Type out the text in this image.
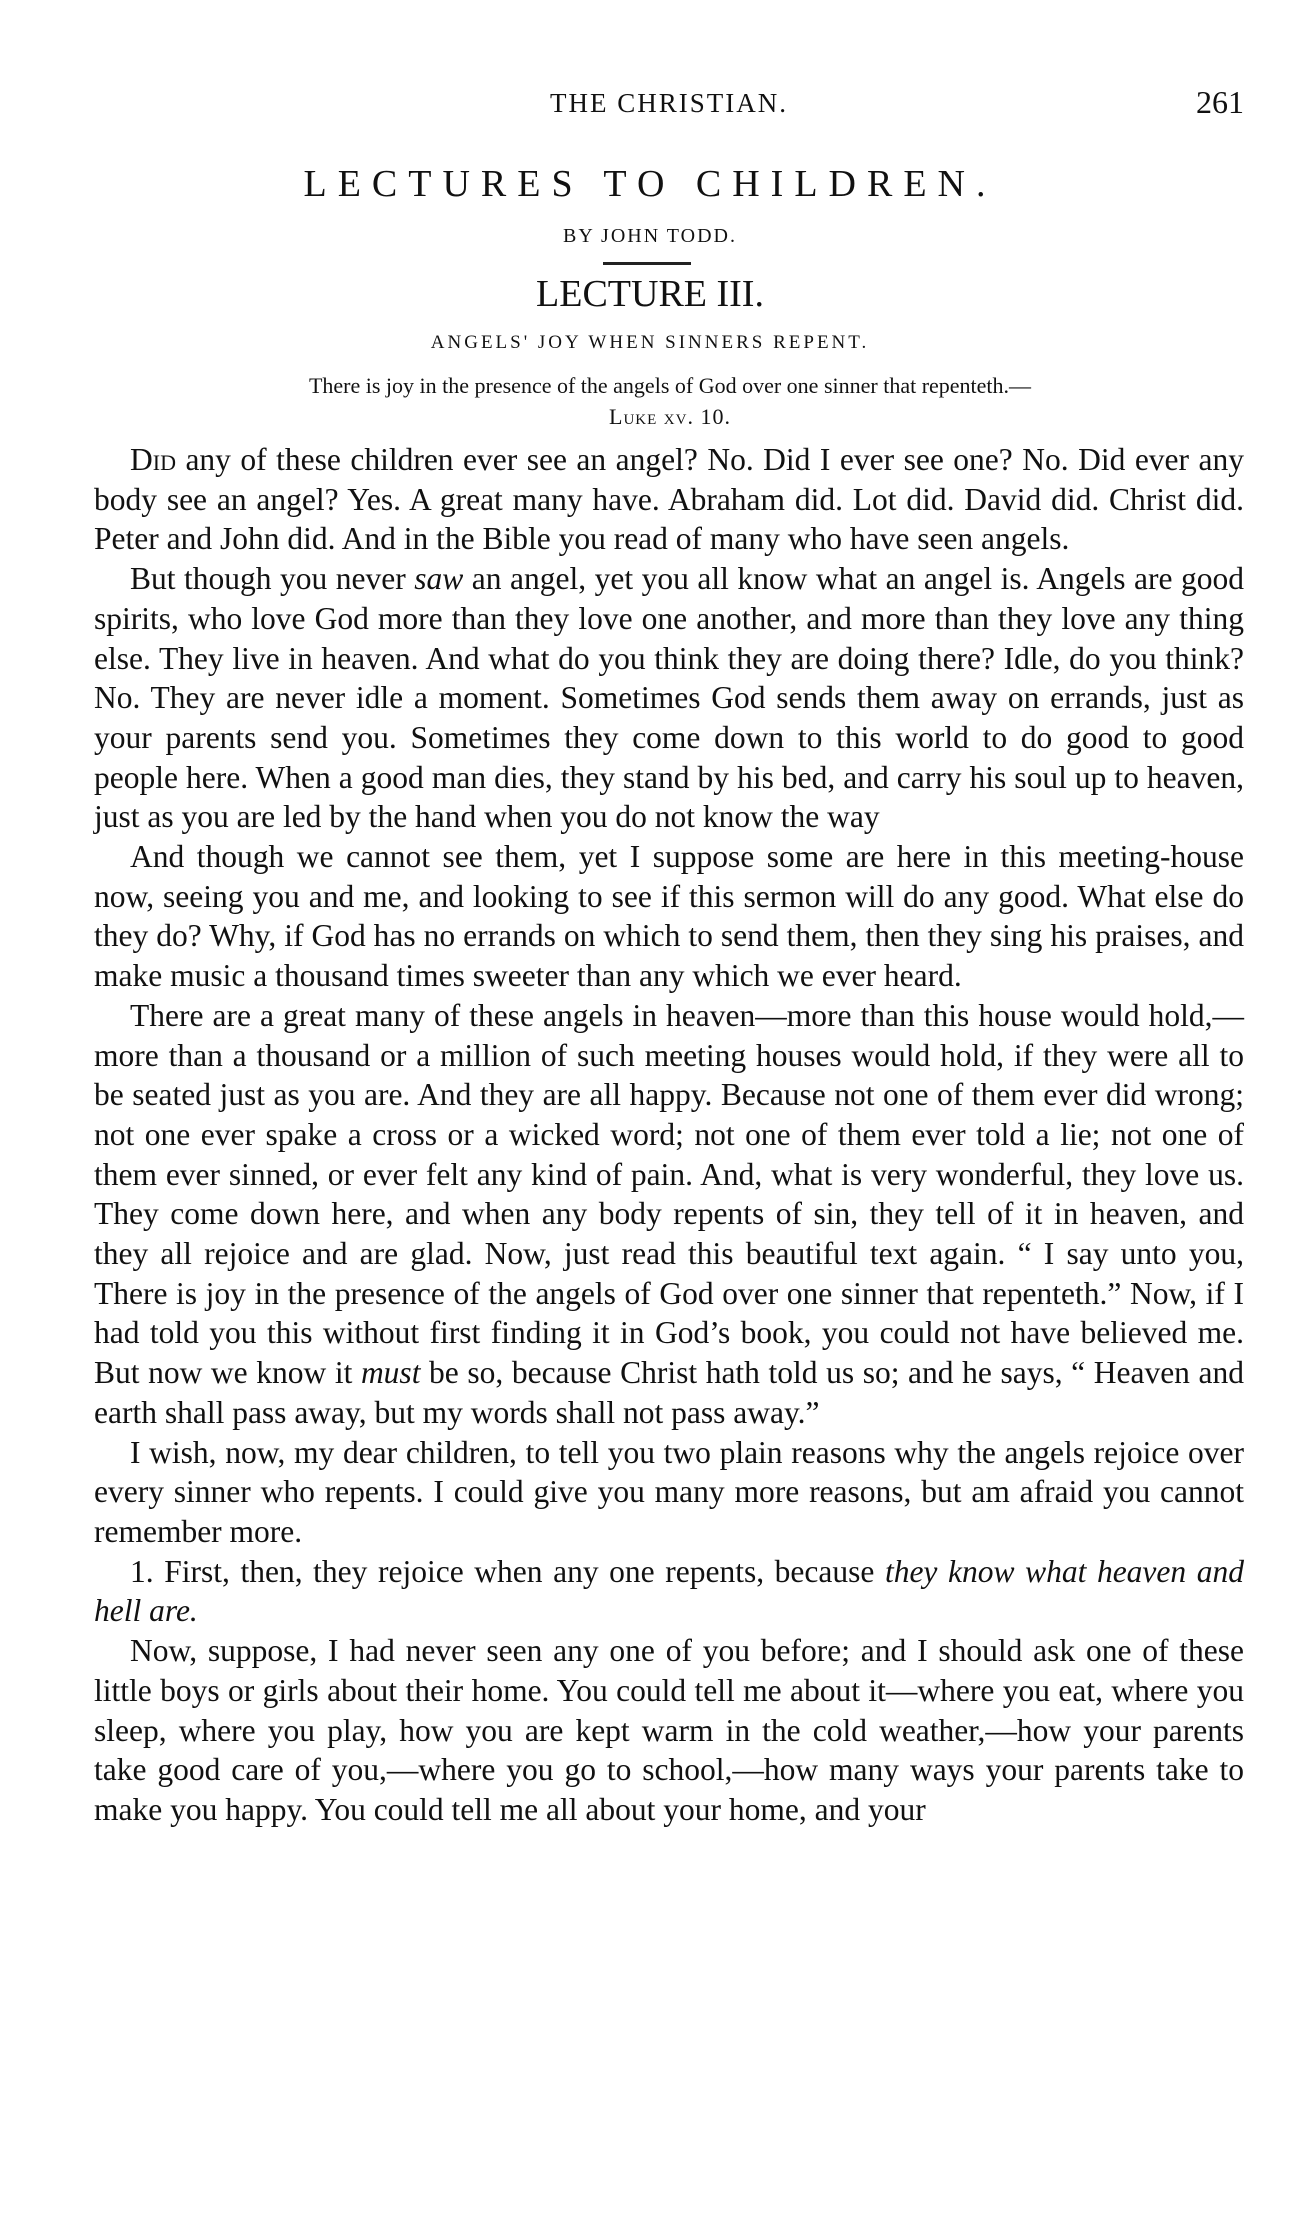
THE CHRISTIAN.	261
LECTURES TO CHILDREN.
BY JOHN TODD.
LECTURE III.
ANGELS' JOY WHEN SINNERS REPENT.
There is joy in the presence of the angels of God over one sinner that repenteth.—
Luke xv. 10.

Did any of these children ever see an angel? No. Did I ever see one? No. Did ever any body see an angel? Yes. A great many have. Abraham did. Lot did. David did. Christ did. Peter and John did. And in the Bible you read of many who have seen angels.

But though you never saw an angel, yet you all know what an angel is. Angels are good spirits, who love God more than they love one another, and more than they love any thing else. They live in heaven. And what do you think they are doing there? Idle, do you think? No. They are never idle a moment. Sometimes God sends them away on errands, just as your parents send you. Sometimes they come down to this world to do good to good people here. When a good man dies, they stand by his bed, and carry his soul up to heaven, just as you are led by the hand when you do not know the way

And though we cannot see them, yet I suppose some are here in this meeting-house now, seeing you and me, and looking to see if this sermon will do any good. What else do they do? Why, if God has no errands on which to send them, then they sing his praises, and make music a thousand times sweeter than any which we ever heard.

There are a great many of these angels in heaven—more than this house would hold,—more than a thousand or a million of such meeting houses would hold, if they were all to be seated just as you are. And they are all happy. Because not one of them ever did wrong; not one ever spake a cross or a wicked word; not one of them ever told a lie; not one of them ever sinned, or ever felt any kind of pain. And, what is very wonderful, they love us. They come down here, and when any body repents of sin, they tell of it in heaven, and they all rejoice and are glad. Now, just read this beautiful text again. “ I say unto you, There is joy in the presence of the angels of God over one sinner that repenteth.” Now, if I had told you this without first finding it in God’s book, you could not have believed me. But now we know it must be so, because Christ hath told us so; and he says, “ Heaven and earth shall pass away, but my words shall not pass away.”

I wish, now, my dear children, to tell you two plain reasons why the angels rejoice over every sinner who repents. I could give you many more reasons, but am afraid you cannot remember more.

1. First, then, they rejoice when any one repents, because they know what heaven and hell are.

Now, suppose, I had never seen any one of you before; and I should ask one of these little boys or girls about their home. You could tell me about it—where you eat, where you sleep, where you play, how you are kept warm in the cold weather,—how your parents take good care of you,—where you go to school,—how many ways your parents take to make you happy. You could tell me all about your home, and your
